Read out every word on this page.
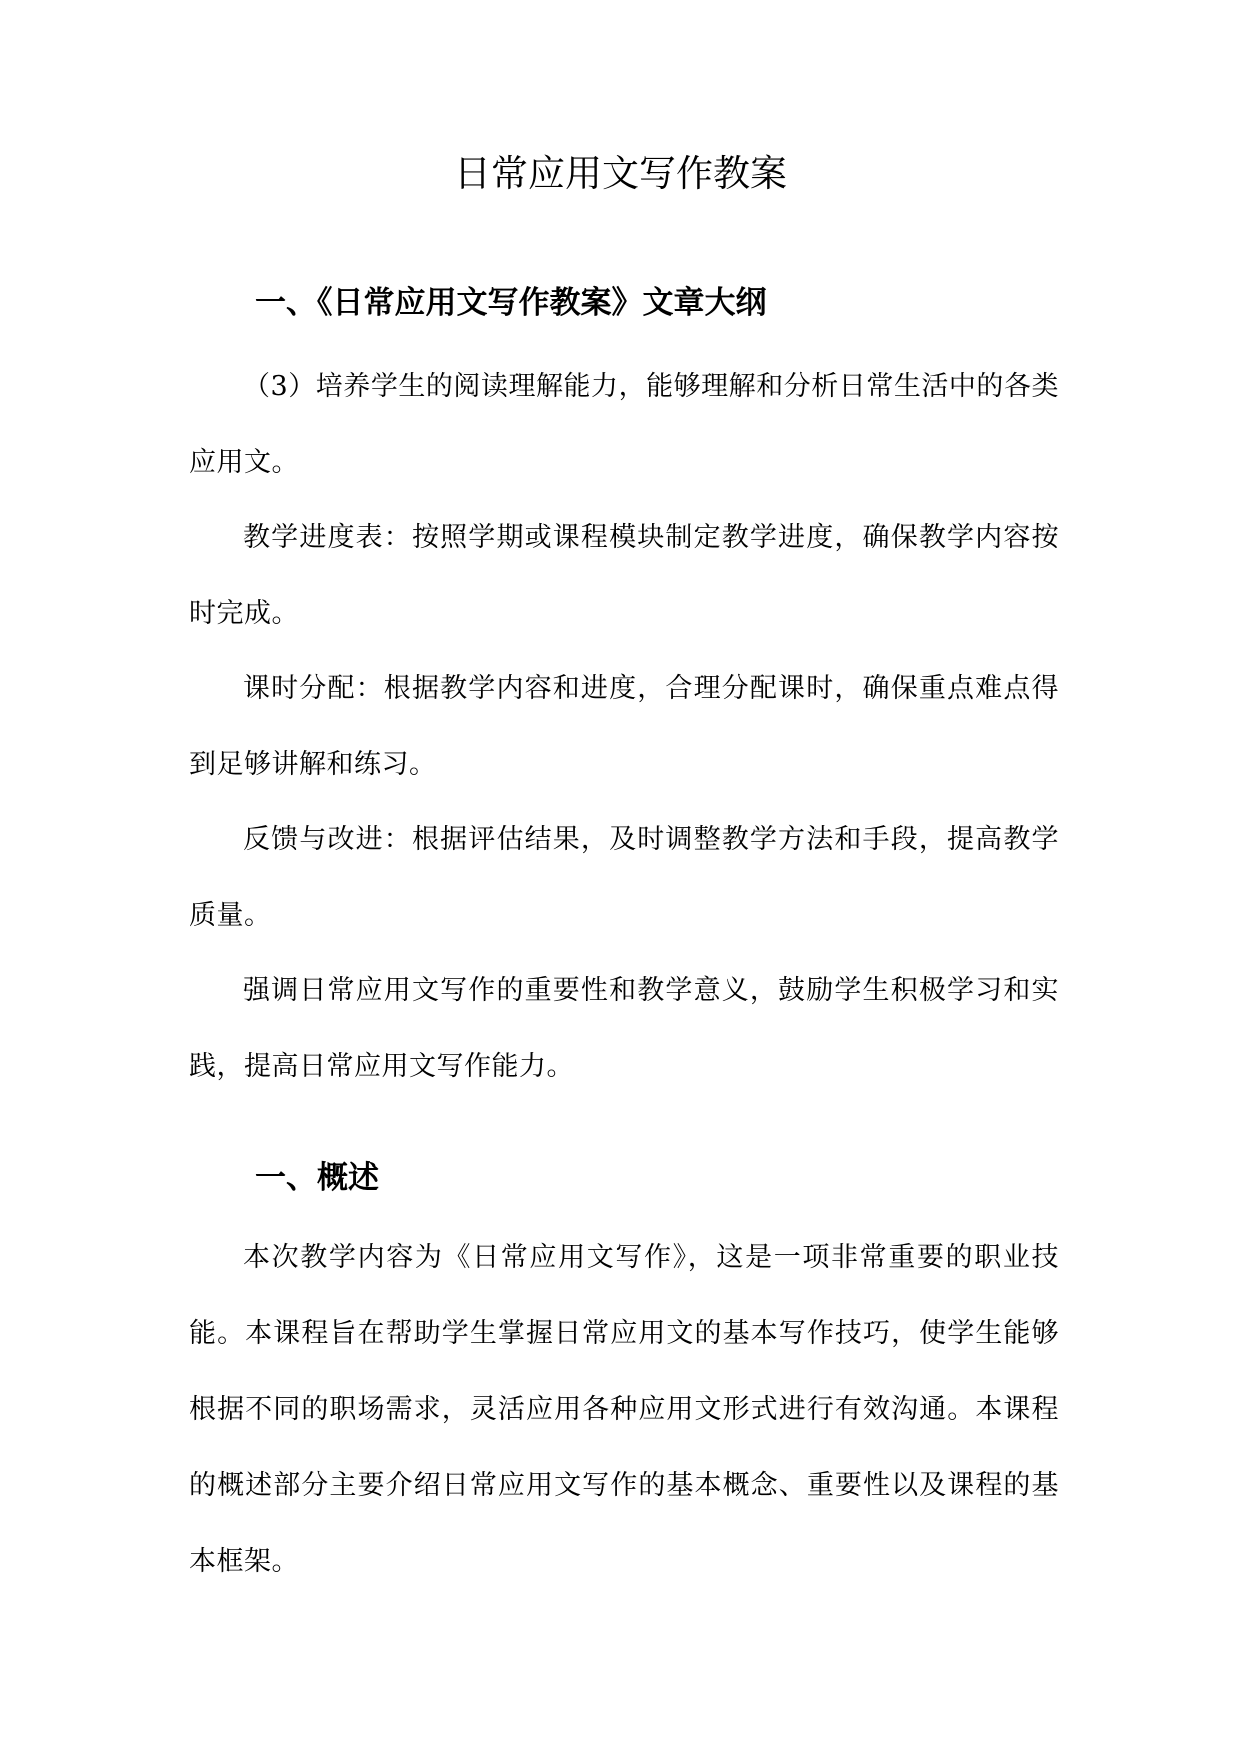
日常应用文写作教案
一、《日常应用文写作教案》文章大纲

（3）培养学生的阅读理解能力，能够理解和分析日常生活中的各类应用文。

教学进度表：按照学期或课程模块制定教学进度，确保教学内容按时完成。

课时分配：根据教学内容和进度，合理分配课时，确保重点难点得到足够讲解和练习。

反馈与改进：根据评估结果，及时调整教学方法和手段，提高教学质量。

强调日常应用文写作的重要性和教学意义，鼓励学生积极学习和实践，提高日常应用文写作能力。

一、概述

本次教学内容为《日常应用文写作》，这是一项非常重要的职业技能。本课程旨在帮助学生掌握日常应用文的基本写作技巧，使学生能够根据不同的职场需求，灵活应用各种应用文形式进行有效沟通。本课程的概述部分主要介绍日常应用文写作的基本概念、重要性以及课程的基本框架。
